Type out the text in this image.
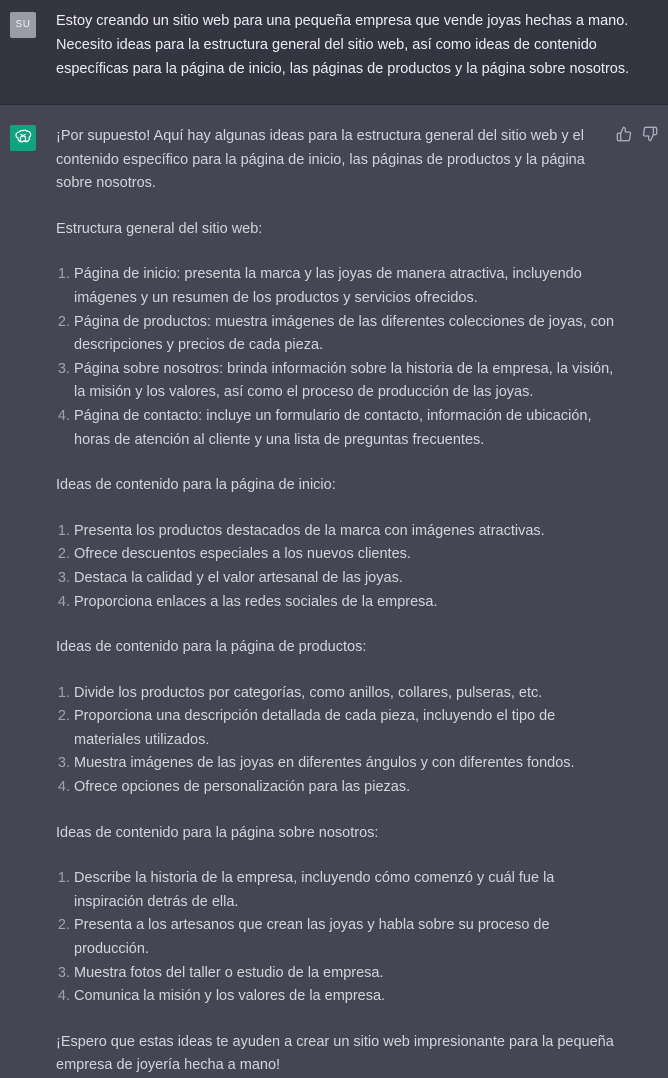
SU	Estoy creando un sitio web para una pequeña empresa que vende joyas hechas a mano. Necesito ideas para la estructura general del sitio web, así como ideas de contenido específicas para la página de inicio, las páginas de productos y la página sobre nosotros.

¡Por supuesto! Aquí hay algunas ideas para la estructura general del sitio web y el contenido específico para la página de inicio, las páginas de productos y la página sobre nosotros.

Estructura general del sitio web:

1. Página de inicio: presenta la marca y las joyas de manera atractiva, incluyendo imágenes y un resumen de los productos y servicios ofrecidos.
2. Página de productos: muestra imágenes de las diferentes colecciones de joyas, con descripciones y precios de cada pieza.
3. Página sobre nosotros: brinda información sobre la historia de la empresa, la visión, la misión y los valores, así como el proceso de producción de las joyas.
4. Página de contacto: incluye un formulario de contacto, información de ubicación, horas de atención al cliente y una lista de preguntas frecuentes.

Ideas de contenido para la página de inicio:

1. Presenta los productos destacados de la marca con imágenes atractivas.
2. Ofrece descuentos especiales a los nuevos clientes.
3. Destaca la calidad y el valor artesanal de las joyas.
4. Proporciona enlaces a las redes sociales de la empresa.

Ideas de contenido para la página de productos:

1. Divide los productos por categorías, como anillos, collares, pulseras, etc.
2. Proporciona una descripción detallada de cada pieza, incluyendo el tipo de materiales utilizados.
3. Muestra imágenes de las joyas en diferentes ángulos y con diferentes fondos.
4. Ofrece opciones de personalización para las piezas.

Ideas de contenido para la página sobre nosotros:

1. Describe la historia de la empresa, incluyendo cómo comenzó y cuál fue la inspiración detrás de ella.
2. Presenta a los artesanos que crean las joyas y habla sobre su proceso de producción.
3. Muestra fotos del taller o estudio de la empresa.
4. Comunica la misión y los valores de la empresa.

¡Espero que estas ideas te ayuden a crear un sitio web impresionante para la pequeña empresa de joyería hecha a mano!
